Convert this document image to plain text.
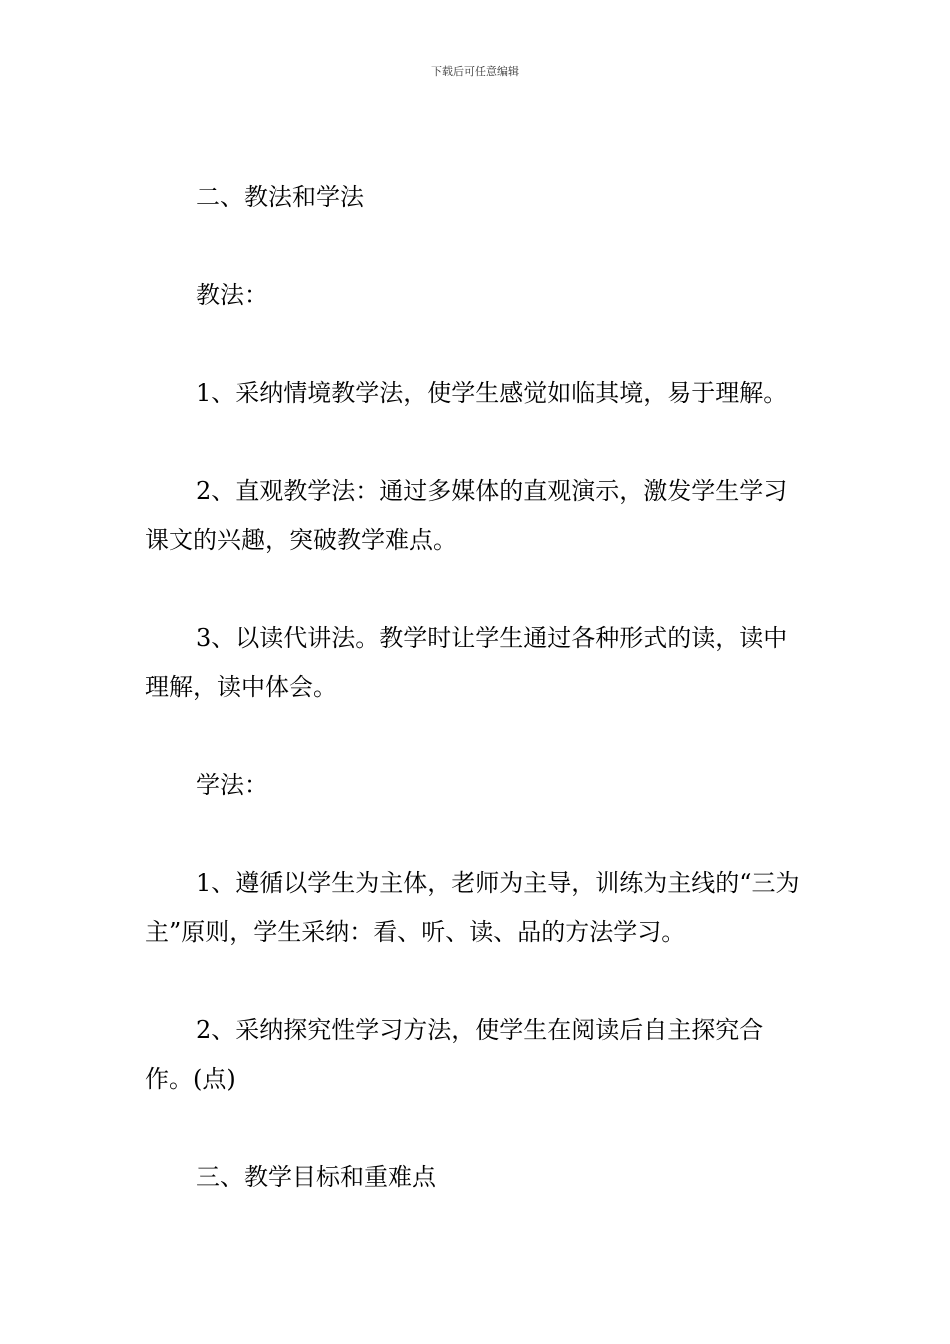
下载后可任意编辑

二、教法和学法

教法：

1、采纳情境教学法，使学生感觉如临其境，易于理解。

2、直观教学法：通过多媒体的直观演示，激发学生学习课文的兴趣，突破教学难点。

3、以读代讲法。教学时让学生通过各种形式的读，读中理解，读中体会。

学法：

1、遵循以学生为主体，老师为主导，训练为主线的“三为主”原则，学生采纳：看、听、读、品的方法学习。

2、采纳探究性学习方法，使学生在阅读后自主探究合作。(点)

三、教学目标和重难点
